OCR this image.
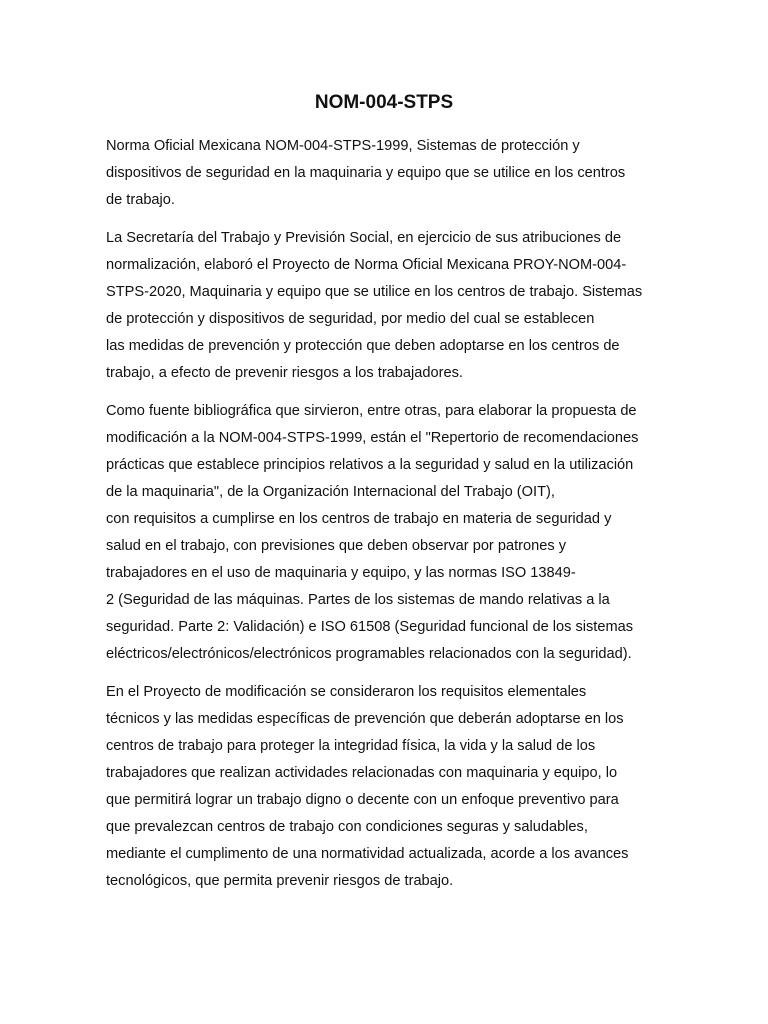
NOM-004-STPS

Norma Oficial Mexicana NOM-004-STPS-1999, Sistemas de protección y
dispositivos de seguridad en la maquinaria y equipo que se utilice en los centros
de trabajo.

La Secretaría del Trabajo y Previsión Social, en ejercicio de sus atribuciones de
normalización, elaboró el Proyecto de Norma Oficial Mexicana PROY-NOM-004-
STPS-2020, Maquinaria y equipo que se utilice en los centros de trabajo. Sistemas
de protección y dispositivos de seguridad, por medio del cual se establecen
las medidas de prevención y protección que deben adoptarse en los centros de
trabajo, a efecto de prevenir riesgos a los trabajadores.

Como fuente bibliográfica que sirvieron, entre otras, para elaborar la propuesta de
modificación a la NOM-004-STPS-1999, están el "Repertorio de recomendaciones
prácticas que establece principios relativos a la seguridad y salud en la utilización
de la maquinaria", de la Organización Internacional del Trabajo (OIT),
con requisitos a cumplirse en los centros de trabajo en materia de seguridad y
salud en el trabajo, con previsiones que deben observar por patrones y
trabajadores en el uso de maquinaria y equipo, y las normas ISO 13849-
2 (Seguridad de las máquinas. Partes de los sistemas de mando relativas a la
seguridad. Parte 2: Validación) e ISO 61508 (Seguridad funcional de los sistemas
eléctricos/electrónicos/electrónicos programables relacionados con la seguridad).

En el Proyecto de modificación se consideraron los requisitos elementales
técnicos y las medidas específicas de prevención que deberán adoptarse en los
centros de trabajo para proteger la integridad física, la vida y la salud de los
trabajadores que realizan actividades relacionadas con maquinaria y equipo, lo
que permitirá lograr un trabajo digno o decente con un enfoque preventivo para
que prevalezcan centros de trabajo con condiciones seguras y saludables,
mediante el cumplimento de una normatividad actualizada, acorde a los avances
tecnológicos, que permita prevenir riesgos de trabajo.
